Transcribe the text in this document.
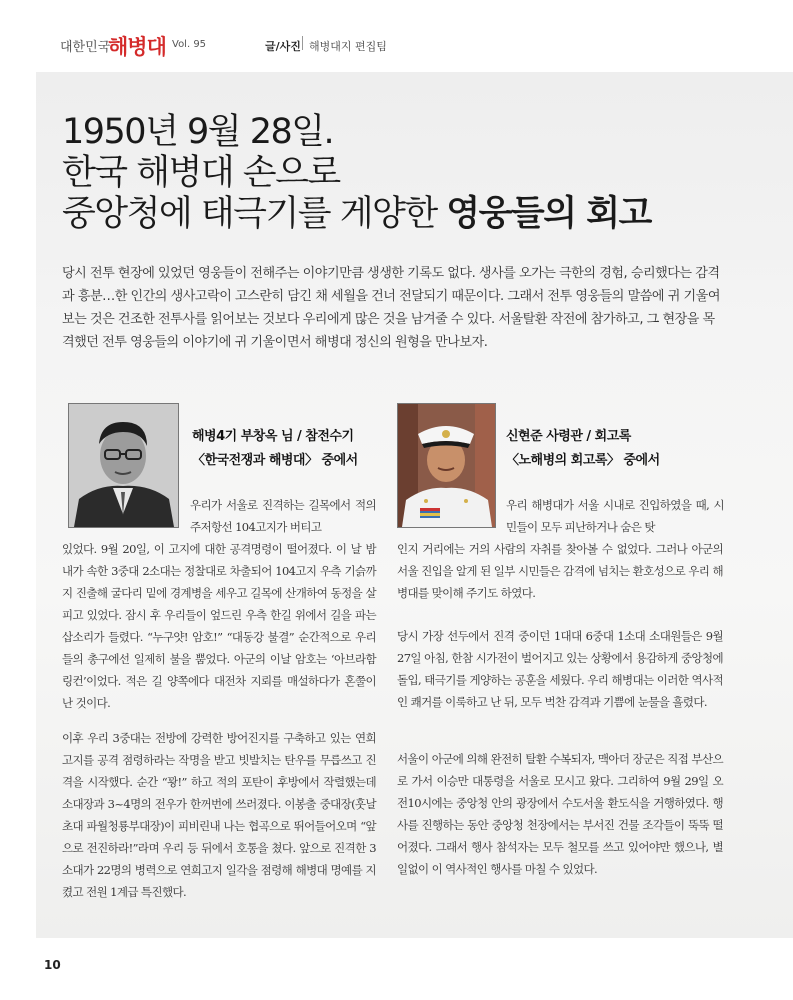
대한민국
해병대 Vol. 95	글/사진 해병대지 편집팀
1950년 9월 28일.
한국 해병대 손으로
중앙청에 태극기를 게양한 영웅들의 회고

당시 전투 현장에 있었던 영웅들이 전해주는 이야기만큼 생생한 기록도 없다. 생사를 오가는 극한의 경험, 승리했다는 감격과 흥분…한 인간의 생사고락이 고스란히 담긴 채 세월을 건너 전달되기 때문이다. 그래서 전투 영웅들의 말씀에 귀 기울여 보는 것은 건조한 전투사를 읽어보는 것보다 우리에게 많은 것을 남겨줄 수 있다. 서울탈환 작전에 참가하고, 그 현장을 목격했던 전투 영웅들의 이야기에 귀 기울이면서 해병대 정신의 원형을 만나보자.

해병4기 부창옥 님 / 참전수기
〈한국전쟁과 해병대〉 중에서
신현준 사령관 / 회고록
〈노해병의 회고록〉 중에서

우리가 서울로 진격하는 길목에서 적의 주저항선 104고지가 버티고

있었다. 9월 20일, 이 고지에 대한 공격명령이 떨어졌다. 이 날 밤 내가 속한 3중대 2소대는 정찰대로 차출되어 104고지 우측 기슭까지 진출해 굴다리 밑에 경계병을 세우고 길목에 산개하여 동정을 살피고 있었다. 잠시 후 우리들이 엎드린 우측 한길 위에서 길을 파는 삽소리가 들렸다. “누구얏! 암호!” “대동강 불결” 순간적으로 우리들의 총구에선 일제히 불을 뿜었다. 아군의 이날 암호는 ‘아브라함 링컨’이었다. 적은 길 양쪽에다 대전차 지뢰를 매설하다가 혼쭐이 난 것이다.

이후 우리 3중대는 전방에 강력한 방어진지를 구축하고 있는 연희고지를 공격 점령하라는 작명을 받고 빗발치는 탄우를 무릅쓰고 진격을 시작했다. 순간 “꽝!” 하고 적의 포탄이 후방에서 작렬했는데 소대장과 3~4명의 전우가 한꺼번에 쓰러졌다. 이봉출 중대장(훗날 초대 파월청룡부대장)이 피비린내 나는 협곡으로 뛰어들어오며 “앞으로 전진하라!”라며 우리 등 뒤에서 호통을 쳤다. 앞으로 진격한 3소대가 22명의 병력으로 연희고지 일각을 점령해 해병대 명예를 지켰고 전원 1계급 특진했다.

우리 해병대가 서울 시내로 진입하였을 때, 시민들이 모두 피난하거나 숨은 탓

인지 거리에는 거의 사람의 자취를 찾아볼 수 없었다. 그러나 아군의 서울 진입을 알게 된 일부 시민들은 감격에 넘치는 환호성으로 우리 해병대를 맞이해 주기도 하였다.

당시 가장 선두에서 진격 중이던 1대대 6중대 1소대 소대원들은 9월 27일 아침, 한참 시가전이 벌어지고 있는 상황에서 용감하게 중앙청에 돌입, 태극기를 게양하는 공훈을 세웠다. 우리 해병대는 이러한 역사적인 쾌거를 이룩하고 난 뒤, 모두 벅찬 감격과 기쁨에 눈물을 흘렸다.

서울이 아군에 의해 완전히 탈환 수복되자, 맥아더 장군은 직접 부산으로 가서 이승만 대통령을 서울로 모시고 왔다. 그리하여 9월 29일 오전10시에는 중앙청 안의 광장에서 수도서울 환도식을 거행하였다. 행사를 진행하는 동안 중앙청 천장에서는 부서진 건물 조각들이 뚝뚝 떨어졌다. 그래서 행사 참석자는 모두 철모를 쓰고 있어야만 했으나, 별일없이 이 역사적인 행사를 마칠 수 있었다.

10
